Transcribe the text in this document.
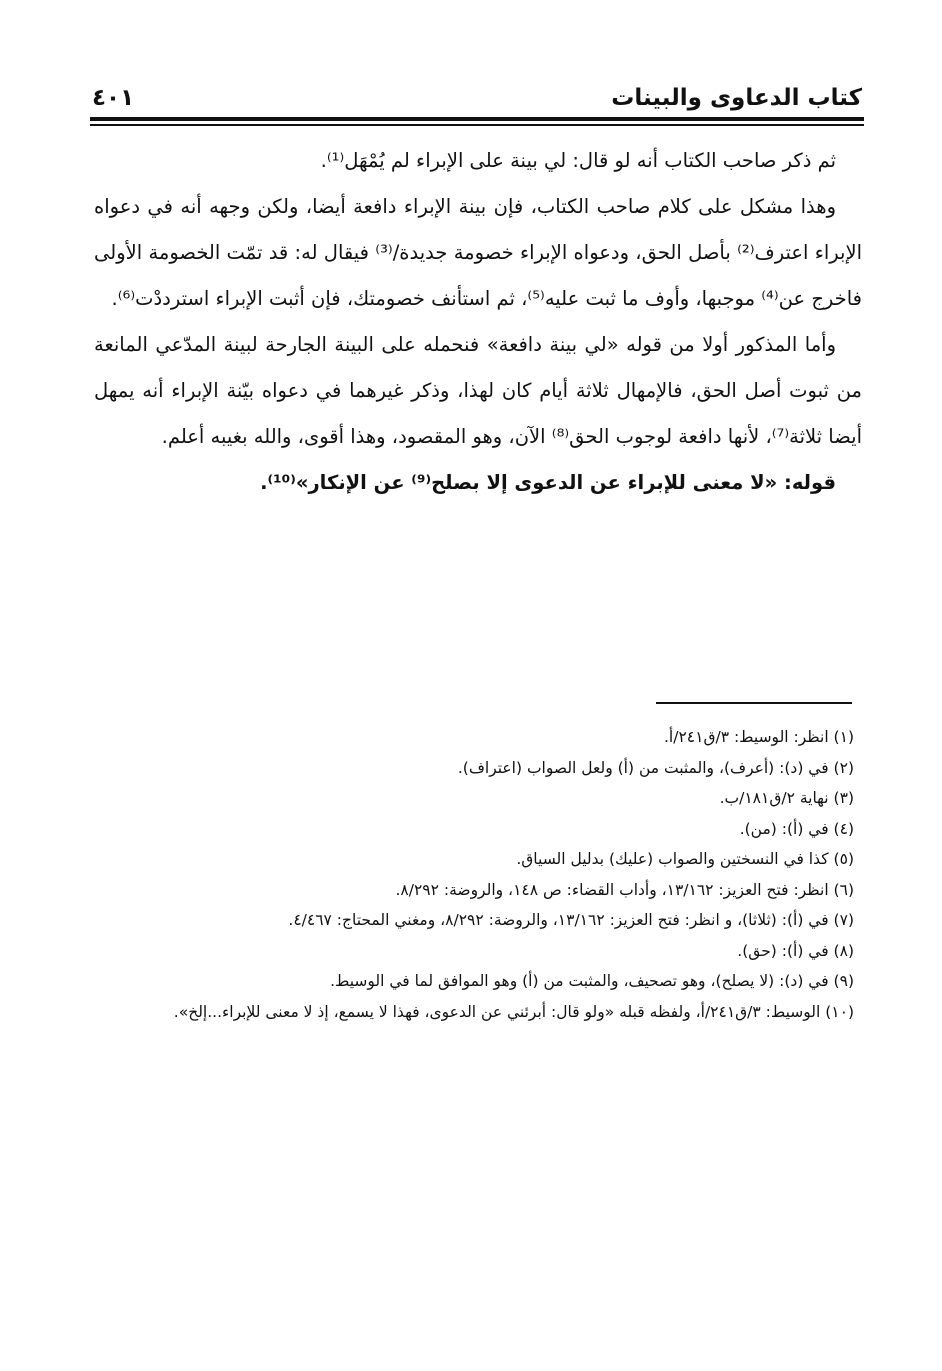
كتاب الدعاوى والبينات
٤٠١

ثم ذكر صاحب الكتاب أنه لو قال: لي بينة على الإبراء لم يُمْهَل⁽¹⁾.

وهذا مشكل على كلام صاحب الكتاب، فإن بينة الإبراء دافعة أيضا، ولكن وجهه أنه في دعواه الإبراء اعترف⁽²⁾ بأصل الحق، ودعواه الإبراء خصومة جديدة/⁽³⁾ فيقال له: قد تمّت الخصومة الأولى فاخرج عن⁽⁴⁾ موجبها، وأوف ما ثبت عليه⁽⁵⁾، ثم استأنف خصومتك، فإن أثبت الإبراء استرددْت⁽⁶⁾.

وأما المذكور أولا من قوله «لي بينة دافعة» فنحمله على البينة الجارحة لبينة المدّعي المانعة من ثبوت أصل الحق، فالإمهال ثلاثة أيام كان لهذا، وذكر غيرهما في دعواه بيّنة الإبراء أنه يمهل أيضا ثلاثة⁽⁷⁾، لأنها دافعة لوجوب الحق⁽⁸⁾ الآن، وهو المقصود، وهذا أقوى، والله بغيبه أعلم.

قوله: «لا معنى للإبراء عن الدعوى إلا بصلح⁽⁹⁾ عن الإنكار»⁽¹⁰⁾.

(١) انظر: الوسيط: ٣/ق٢٤١/أ.

(٢) في (د): (أعرف)، والمثبت من (أ) ولعل الصواب (اعتراف).

(٣) نهاية ٢/ق١٨١/ب.

(٤) في (أ): (من).

(٥) كذا في النسختين والصواب (عليك) بدليل السياق.

(٦) انظر: فتح العزيز: ١٣/١٦٢، وأداب القضاء: ص ١٤٨، والروضة: ٨/٢٩٢.

(٧) في (أ): (ثلاثا)، و انظر: فتح العزيز: ١٣/١٦٢، والروضة: ٨/٢٩٢، ومغني المحتاج: ٤/٤٦٧.

(٨) في (أ): (حق).

(٩) في (د): (لا يصلح)، وهو تصحيف، والمثبت من (أ) وهو الموافق لما في الوسيط.

(١٠) الوسيط: ٣/ق٢٤١/أ، ولفظه قبله «ولو قال: أبرئني عن الدعوى، فهذا لا يسمع، إذ لا معنى للإبراء...إلخ».
